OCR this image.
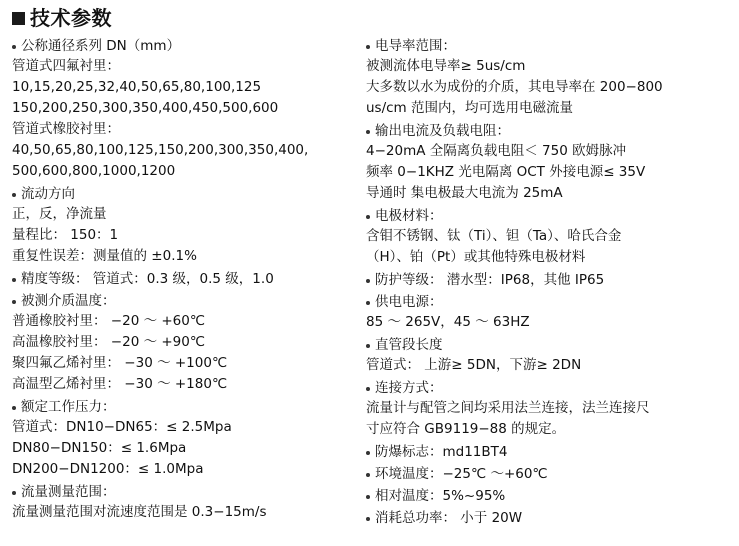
技术参数
公称通径系列 DN（mm）
管道式四氟衬里：
10,15,20,25,32,40,50,65,80,100,125
150,200,250,300,350,400,450,500,600
管道式橡胶衬里：
40,50,65,80,100,125,150,200,300,350,400,
500,600,800,1000,1200
流动方向
正，反，净流量
量程比： 150：1
重复性误差：测量值的 ±0.1%
精度等级： 管道式：0.3 级，0.5 级，1.0
被测介质温度：
普通橡胶衬里： −20 ～ +60℃
高温橡胶衬里： −20 ～ +90℃
聚四氟乙烯衬里： −30 ～ +100℃
高温型乙烯衬里： −30 ～ +180℃
额定工作压力：
管道式：DN10−DN65：≤ 2.5Mpa
DN80−DN150：≤ 1.6Mpa
DN200−DN1200：≤ 1.0Mpa
流量测量范围：
流量测量范围对流速度范围是 0.3−15m/s
电导率范围：
被测流体电导率≥ 5us/cm
大多数以水为成份的介质，其电导率在 200−800
us/cm 范围内，均可选用电磁流量
输出电流及负载电阻：
4−20mA 全隔离负载电阻＜ 750 欧姆脉冲
频率 0−1KHZ 光电隔离 OCT 外接电源≤ 35V
导通时 集电极最大电流为 25mA
电极材料：
含钼不锈钢、钛（Ti）、钽（Ta）、哈氏合金
（H）、铂（Pt）或其他特殊电极材料
防护等级： 潜水型：IP68，其他 IP65
供电电源：
85 ～ 265V，45 ～ 63HZ
直管段长度
管道式： 上游≥ 5DN，下游≥ 2DN
连接方式：
流量计与配管之间均采用法兰连接，法兰连接尺
寸应符合 GB9119−88 的规定。
防爆标志：md11BT4
环境温度：−25℃ ～+60℃
相对温度：5%~95%
消耗总功率： 小于 20W
